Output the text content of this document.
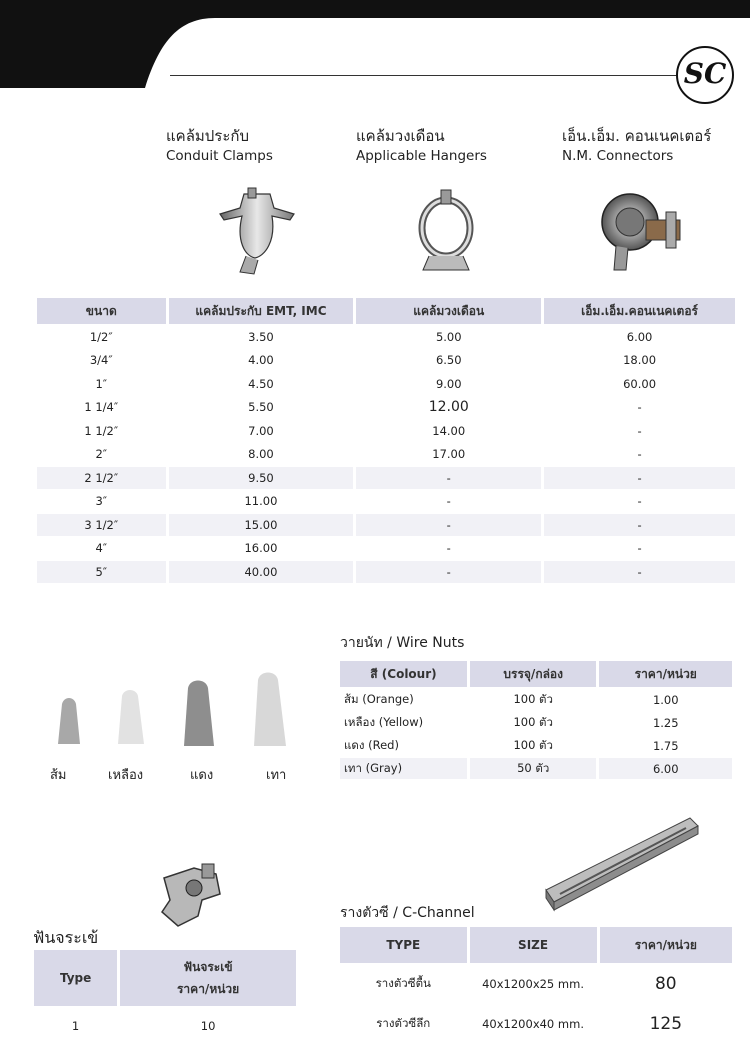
SC
แคล้มประกับ
Conduit Clamps
แคล้มวงเดือน
Applicable Hangers
เอ็น.เอ็ม. คอนเนคเตอร์
N.M. Connectors
ขนาด	แคล้มประกับ EMT, IMC	แคล้มวงเดือน	เอ็ม.เอ็ม.คอนเนคเตอร์
1/2″	3.50	5.00	6.00
3/4″	4.00	6.50	18.00
1″	4.50	9.00	60.00
1 1/4″	5.50	12.00	-
1 1/2″	7.00	14.00	-
2″	8.00	17.00	-
2 1/2″	9.50	-	-
3″	11.00	-	-
3 1/2″	15.00	-	-
4″	16.00	-	-
5″	40.00	-	-
วายนัท / Wire Nuts
ส้ม	เหลือง	แดง	เทา
สี (Colour)	บรรจุ/กล่อง	ราคา/หน่วย
ส้ม (Orange)	100 ตัว	1.00
เหลือง (Yellow)	100 ตัว	1.25
แดง (Red)	100 ตัว	1.75
เทา (Gray)	50 ตัว	6.00
รางตัวซี / C-Channel
TYPE	SIZE	ราคา/หน่วย
รางตัวซีตื้น	40x1200x25 mm.	80
รางตัวซีลึก	40x1200x40 mm.	125
ฟันจระเข้
Type	ฟันจระเข้
ราคา/หน่วย

1	10
